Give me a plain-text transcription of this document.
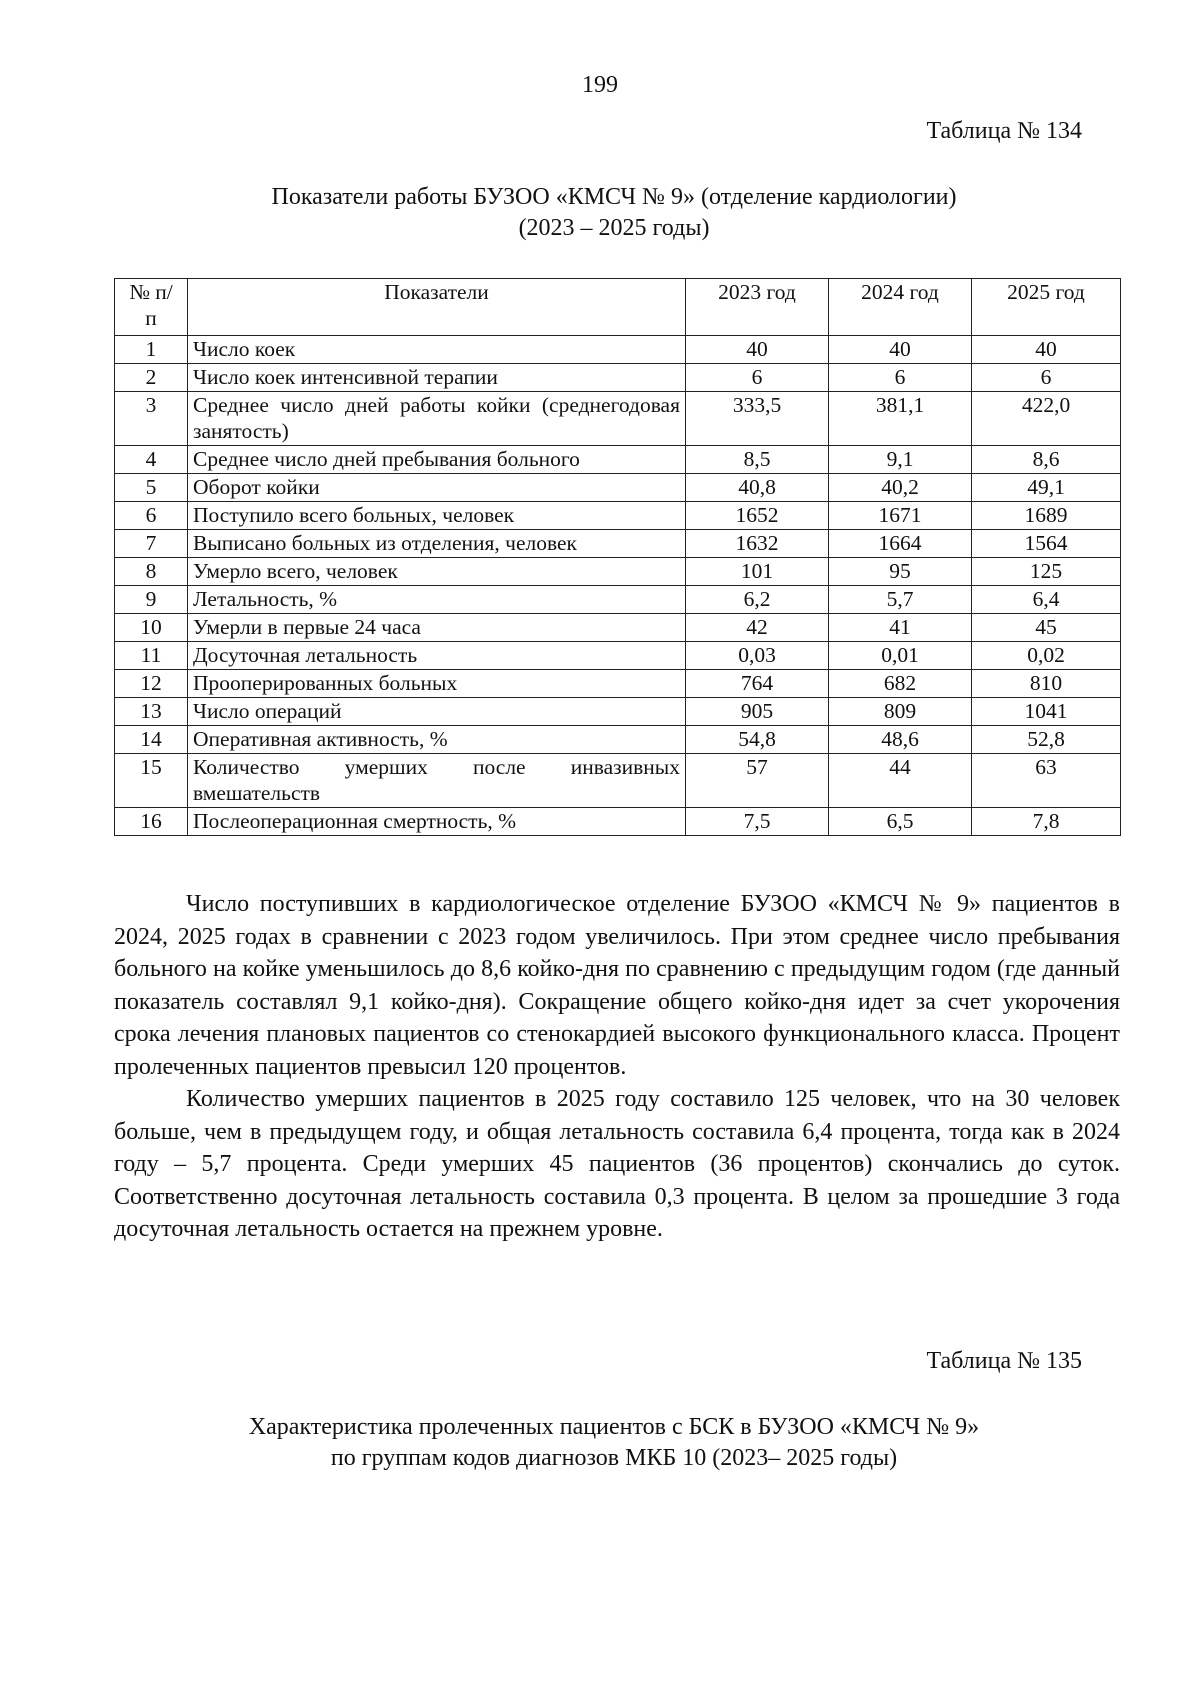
199
Таблица № 134
Показатели работы БУЗОО «КМСЧ № 9» (отделение кардиологии)
(2023 – 2025 годы)
№ п/п	Показатели	2023 год	2024 год	2025 год
1	Число коек	40	40	40
2	Число коек интенсивной терапии	6	6	6
3	Среднее число дней работы койки (среднегодовая занятость)	333,5	381,1	422,0
4	Среднее число дней пребывания больного	8,5	9,1	8,6
5	Оборот койки	40,8	40,2	49,1
6	Поступило всего больных, человек	1652	1671	1689
7	Выписано больных из отделения, человек	1632	1664	1564
8	Умерло всего, человек	101	95	125
9	Летальность, %	6,2	5,7	6,4
10	Умерли в первые 24 часа	42	41	45
11	Досуточная летальность	0,03	0,01	0,02
12	Прооперированных больных	764	682	810
13	Число операций	905	809	1041
14	Оперативная активность, %	54,8	48,6	52,8
15	Количество умерших после инвазивных вмешательств	57	44	63
16	Послеоперационная смертность, %	7,5	6,5	7,8

Число поступивших в кардиологическое отделение БУЗОО «КМСЧ № 9» пациентов в 2024, 2025 годах в сравнении с 2023 годом увеличилось. При этом среднее число пребывания больного на койке уменьшилось до 8,6 койко-дня по сравнению с предыдущим годом (где данный показатель составлял 9,1 койко-дня). Сокращение общего койко-дня идет за счет укорочения срока лечения плановых пациентов со стенокардией высокого функционального класса. Процент пролеченных пациентов превысил 120 процентов.

Количество умерших пациентов в 2025 году составило 125 человек, что на 30 человек больше, чем в предыдущем году, и общая летальность составила 6,4 процента, тогда как в 2024 году – 5,7 процента. Среди умерших 45 пациентов (36 процентов) скончались до суток. Соответственно досуточная летальность составила 0,3 процента. В целом за прошедшие 3 года досуточная летальность остается на прежнем уровне.

Таблица № 135
Характеристика пролеченных пациентов с БСК в БУЗОО «КМСЧ № 9»
по группам кодов диагнозов МКБ 10 (2023– 2025 годы)
